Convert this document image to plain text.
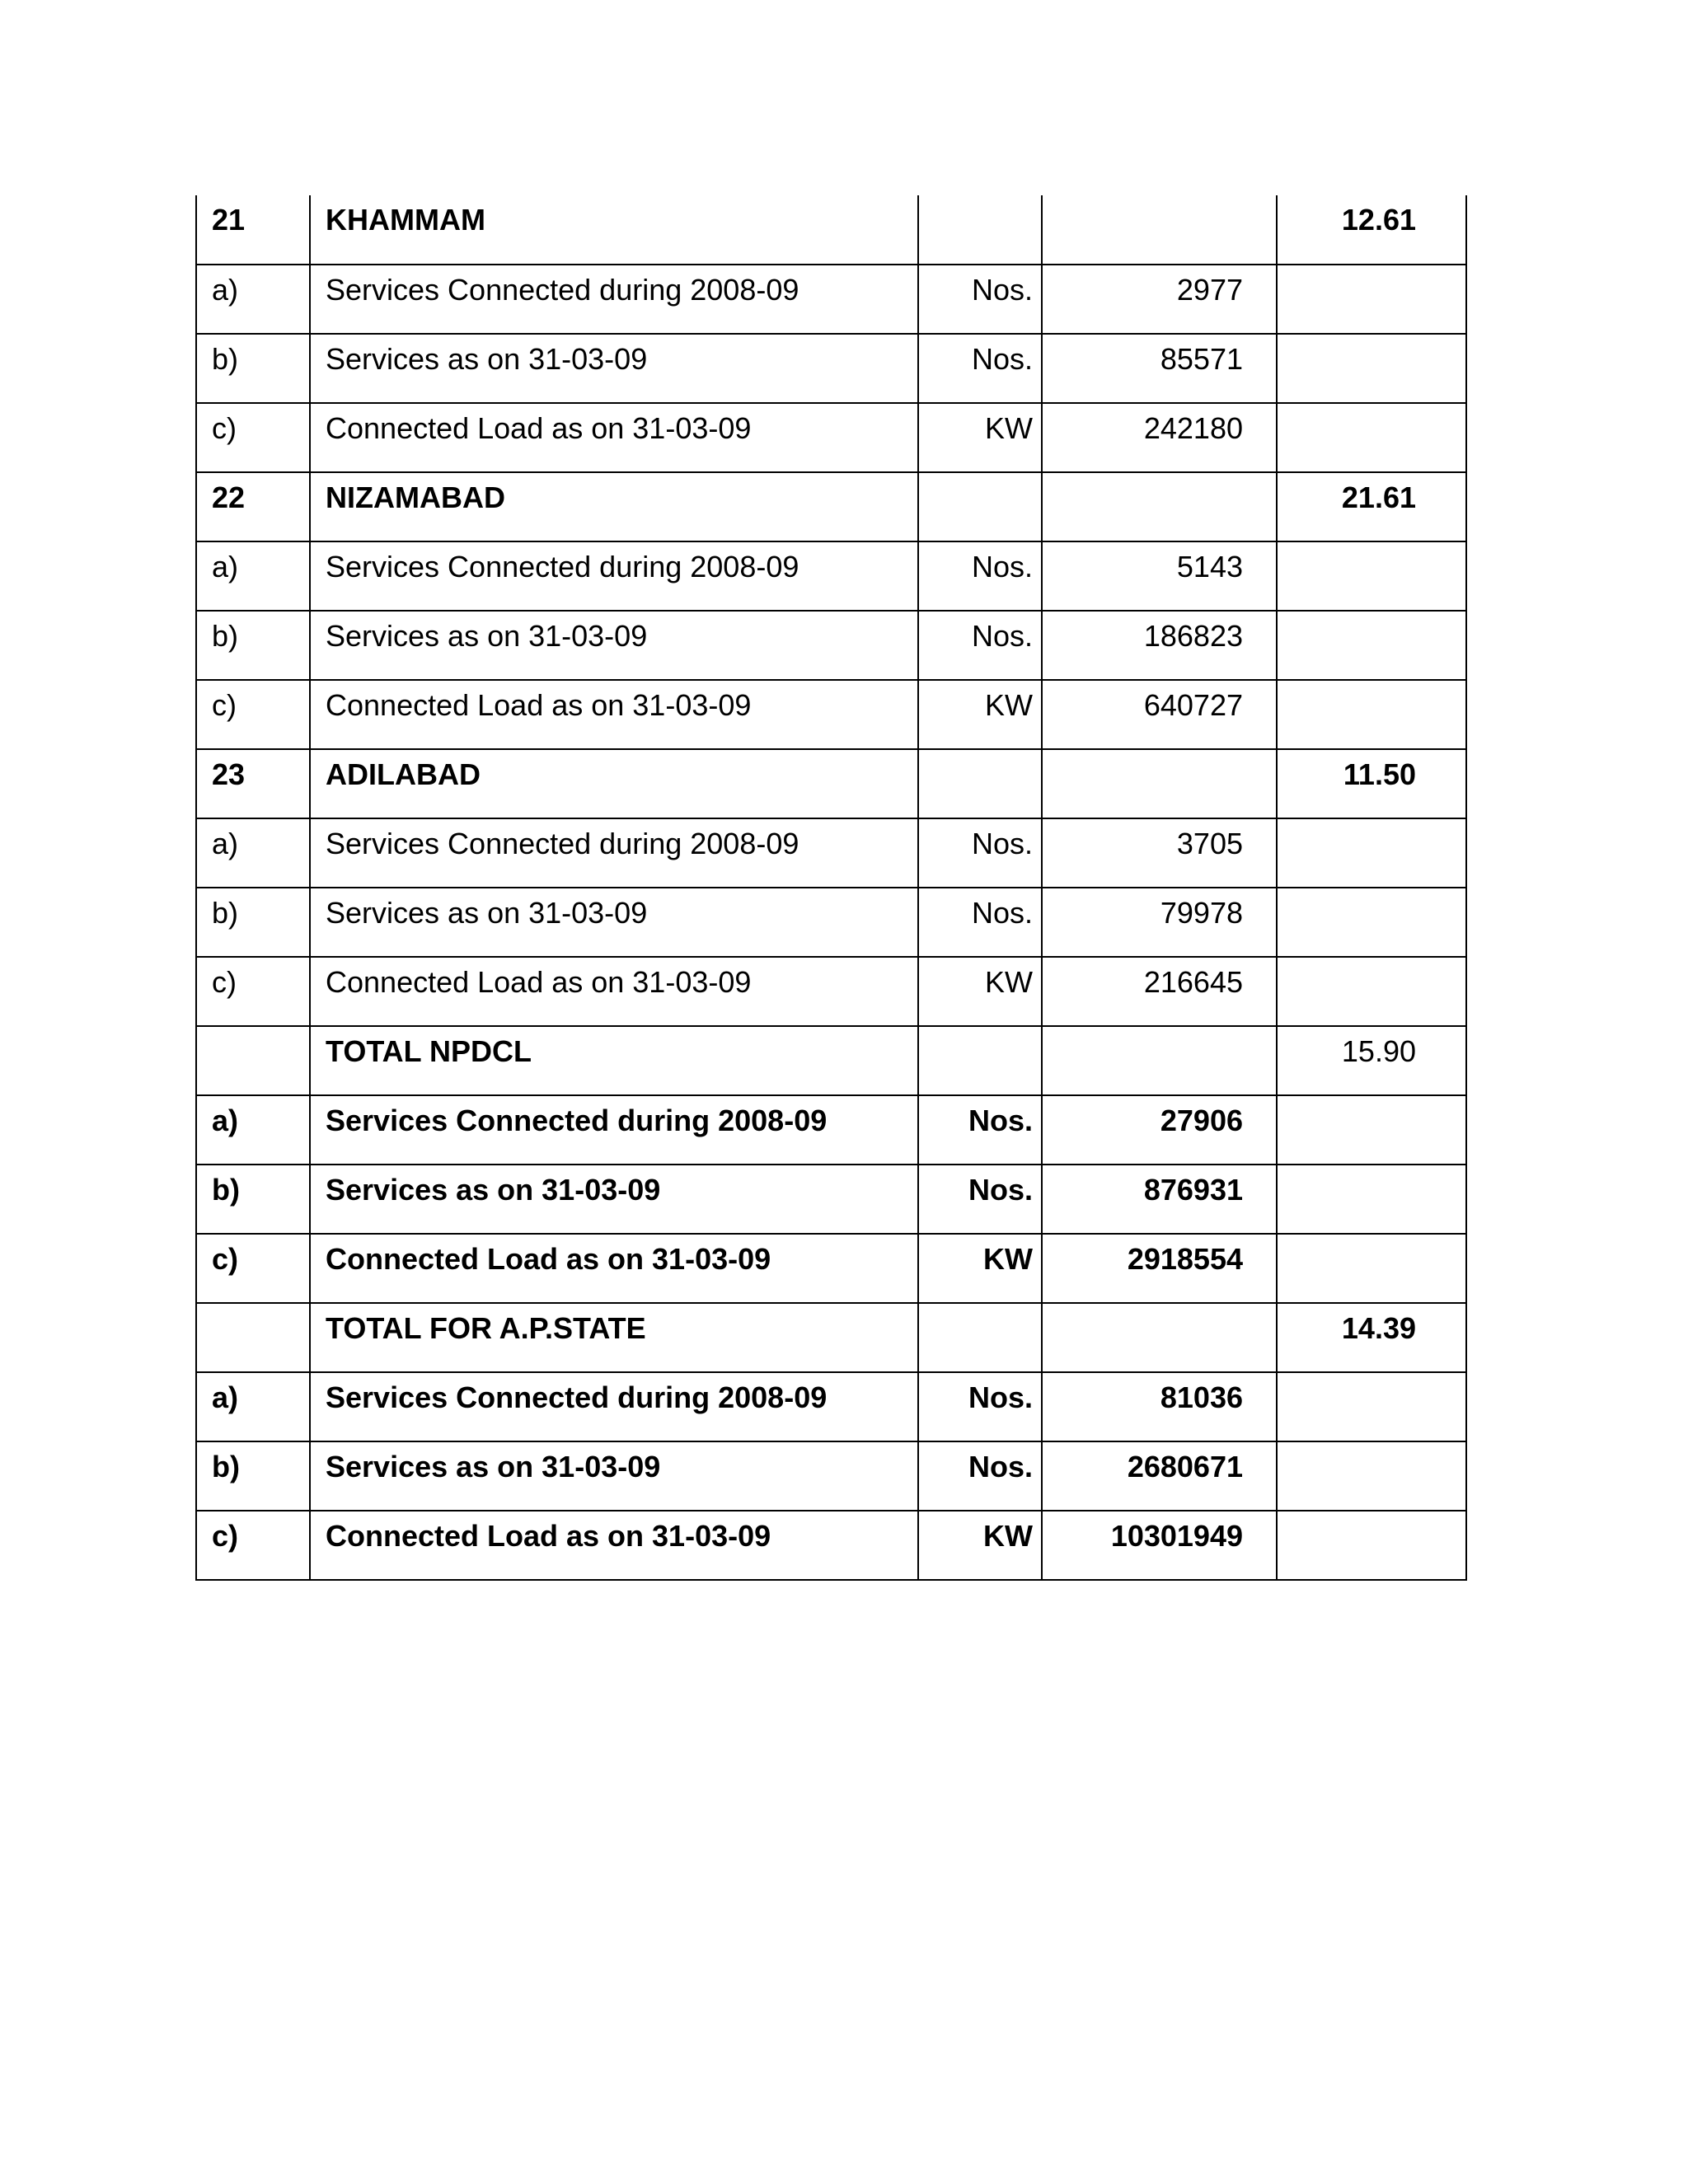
21	KHAMMAM			12.61
a)	Services Connected during 2008-09	Nos.	2977	
b)	Services as on 31-03-09	Nos.	85571	
c)	Connected Load as on 31-03-09	KW	242180	
22	NIZAMABAD			21.61
a)	Services Connected during 2008-09	Nos.	5143	
b)	Services as on 31-03-09	Nos.	186823	
c)	Connected Load as on 31-03-09	KW	640727	
23	ADILABAD			11.50
a)	Services Connected during 2008-09	Nos.	3705	
b)	Services as on 31-03-09	Nos.	79978	
c)	Connected Load as on 31-03-09	KW	216645	
	TOTAL NPDCL			15.90
a)	Services Connected during 2008-09	Nos.	27906	
b)	Services as on 31-03-09	Nos.	876931	
c)	Connected Load as on 31-03-09	KW	2918554	
	TOTAL FOR A.P.STATE			14.39
a)	Services Connected during 2008-09	Nos.	81036	
b)	Services as on 31-03-09	Nos.	2680671	
c)	Connected Load as on 31-03-09	KW	10301949	
